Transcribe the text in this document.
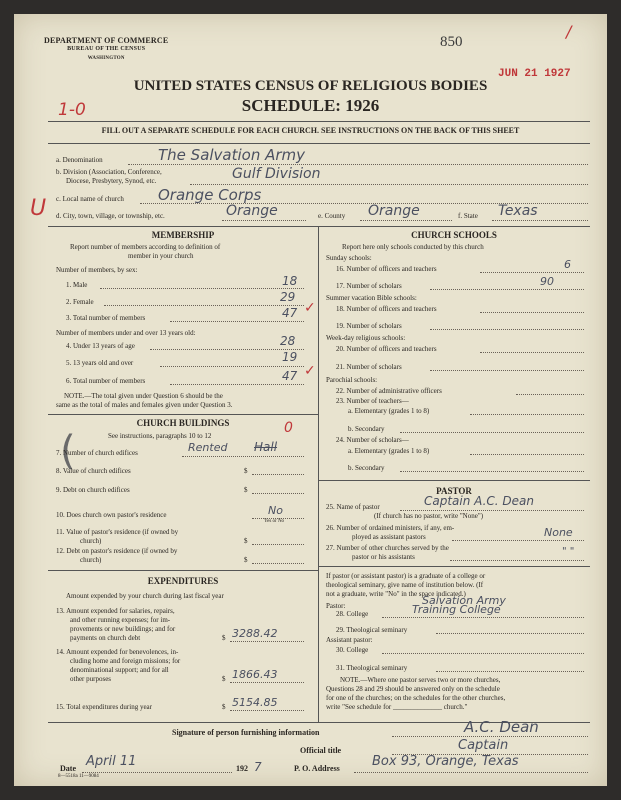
DEPARTMENT OF COMMERCE
BUREAU OF THE CENSUS
WASHINGTON
850
JUN 21 1927
/
UNITED STATES CENSUS OF RELIGIOUS BODIES
SCHEDULE: 1926
1-0
FILL OUT A SEPARATE SCHEDULE FOR EACH CHURCH. SEE INSTRUCTIONS ON THE BACK OF THIS SHEET
a. Denomination	The Salvation Army
b. Division (Association, Conference,
Diocese, Presbytery, Synod, etc.	Gulf Division
c. Local name of church Orange Corps
U d. City, town, village, or township, etc.	Orange	e. County Orange	f. State Texas
MEMBERSHIP
Report number of members according to definition of
member in your church
Number of members, by sex:
1. Male	18
2. Female	29
3. Total number of members	47 ✓
Number of members under and over 13 years old:
4. Under 13 years of age	28
5. 13 years old and over	19
6. Total number of members	47 ✓
NOTE.—The total given under Question 6 should be the
same as the total of males and females given under Question 3.
CHURCH BUILDINGS
See instructions, paragraphs 10 to 12	0
(
7. Number of church edifices	Rented Hall
8. Value of church edifices	$
9. Debt on church edifices	$
10. Does church own pastor's residence	No
Yes or No
11. Value of pastor's residence (if owned by
church)	$
12. Debt on pastor's residence (if owned by
church)	$
EXPENDITURES
Amount expended by your church during last fiscal year
13. Amount expended for salaries, repairs,
and other running expenses; for im-
provements or new buildings; and for
payments on church debt	$ 3288.42
14. Amount expended for benevolences, in-
cluding home and foreign missions; for
denominational support; and for all
other purposes	$ 1866.43
15. Total expenditures during year	$ 5154.85
CHURCH SCHOOLS
Report here only schools conducted by this church
Sunday schools:
16. Number of officers and teachers	6
17. Number of scholars	90
Summer vacation Bible schools:
18. Number of officers and teachers
19. Number of scholars
Week-day religious schools:
20. Number of officers and teachers
21. Number of scholars
Parochial schools:
22. Number of administrative officers
23. Number of teachers—
a. Elementary (grades 1 to 8)
b. Secondary
24. Number of scholars—
a. Elementary (grades 1 to 8)
b. Secondary
PASTOR
25. Name of pastor	Captain A.C. Dean
(If church has no pastor, write "None")
26. Number of ordained ministers, if any, em-
ployed as assistant pastors	None
27. Number of other churches served by the
pastor or his assistants	" "
If pastor (or assistant pastor) is a graduate of a college or
theological seminary, give name of institution below. (If
not a graduate, write "No" in the space indicated.)
Pastor:	Salvation Army
28. College	Training College
29. Theological seminary
Assistant pastor:
30. College
31. Theological seminary
NOTE.—Where one pastor serves two or more churches,
Questions 28 and 29 should be answered only on the schedule
for one of the churches; on the schedules for the other churches,
write "See schedule for ______________ church."
Signature of person furnishing information	A.C. Dean
Official title	Captain
Date April 11	192 7	P. O. Address Box 93, Orange, Texas
8—5518a 11—9084
